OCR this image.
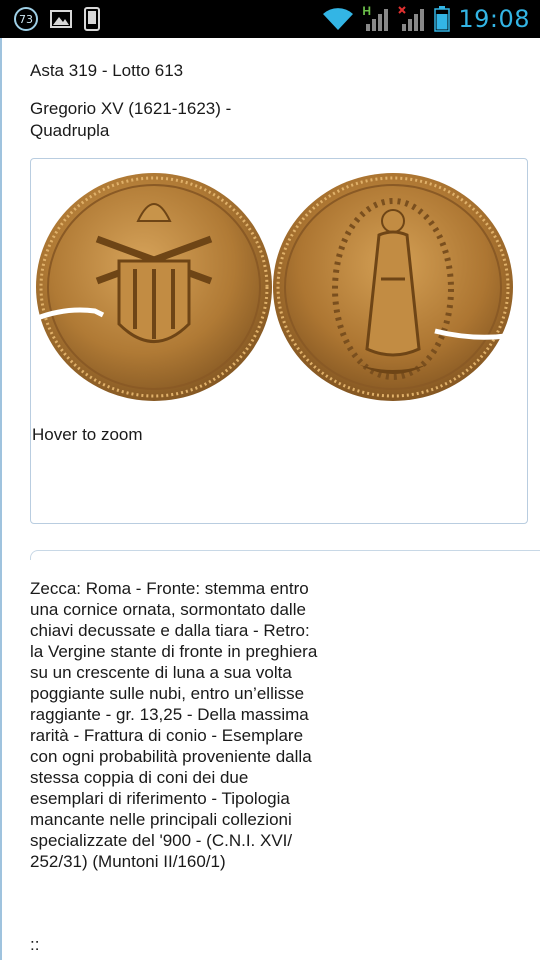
73
H	19:08
Asta 319 - Lotto 613
Gregorio XV (1621-1623) - Quadrupla
Hover to zoom
Zecca: Roma - Fronte: stemma entro una cornice ornata, sormontato dalle chiavi decussate e dalla tiara - Retro: la Vergine stante di fronte in preghiera su un crescente di luna a sua volta poggiante sulle nubi, entro un’ellisse raggiante - gr. 13,25 - Della massima rarità - Frattura di conio - Esemplare con ogni probabilità proveniente dalla stessa coppia di coni dei due esemplari di riferimento - Tipologia mancante nelle principali collezioni specializzate del '900 - (C.N.I. XVI/ 252/31) (Muntoni II/160/1)
::
